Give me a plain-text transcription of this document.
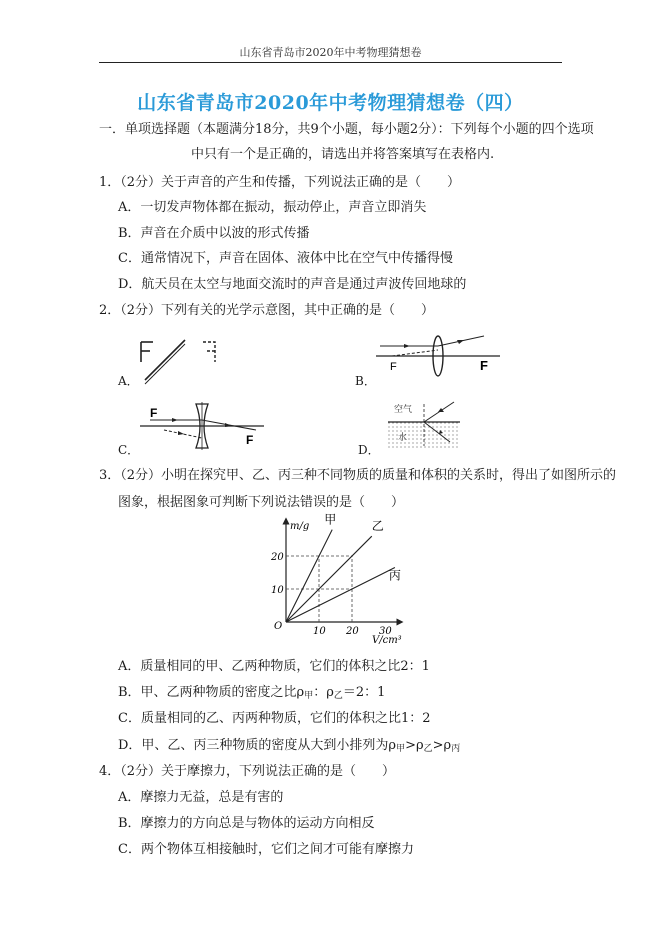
山东省青岛市2020年中考物理猜想卷
山东省青岛市2020年中考物理猜想卷（四）
一．单项选择题（本题满分18分，共9个小题，每小题2分）：下列每个小题的四个选项
中只有一个是正确的，请选出并将答案填写在表格内.
1．（2分）关于声音的产生和传播，下列说法正确的是（　　）
A．一切发声物体都在振动，振动停止，声音立即消失
B．声音在介质中以波的形式传播
C．通常情况下，声音在固体、液体中比在空气中传播得慢
D．航天员在太空与地面交流时的声音是通过声波传回地球的
2．（2分）下列有关的光学示意图，其中正确的是（　　）
A．	B．
F	F
C．
F
F
D．
空气
水
3．（2分）小明在探究甲、乙、丙三种不同物质的质量和体积的关系时，得出了如图所示的
图象，根据图象可判断下列说法错误的是（　　）
甲	乙
丙
10 20 30
10
20
m/g
V/cm³
O
A．质量相同的甲、乙两种物质，它们的体积之比2：1
B．甲、乙两种物质的密度之比$\rho_甲$：$\rho_乙=2$：1
C．质量相同的乙、丙两种物质，它们的体积之比1：2
D．甲、乙、丙三种物质的密度从大到小排列为$\rho_甲>\rho_乙>\rho_丙$
4．（2分）关于摩擦力，下列说法正确的是（　　）
A．摩擦力无益，总是有害的
B．摩擦力的方向总是与物体的运动方向相反
C．两个物体互相接触时，它们之间才可能有摩擦力
